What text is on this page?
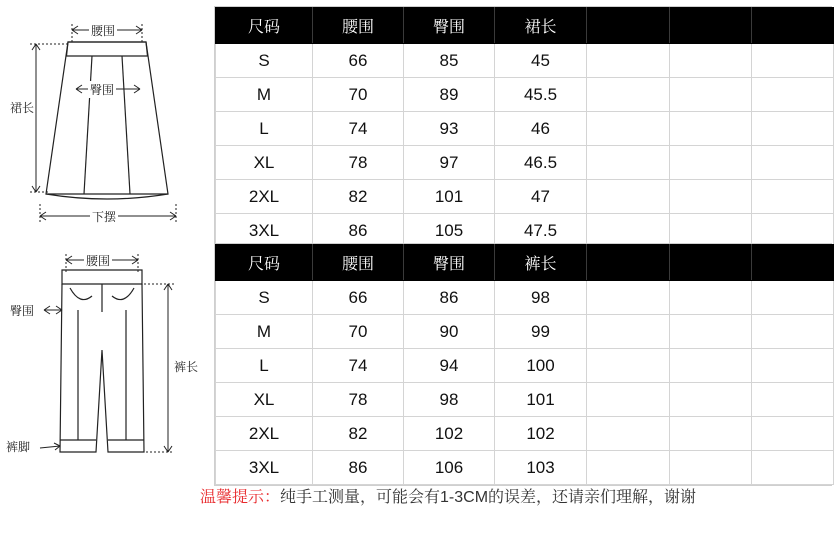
腰围
臀围
裙长
下摆
腰围
臀围
裤长
裤脚
尺码	腰围	臀围	裙长			
S	66	85	45			
M	70	89	45.5			
L	74	93	46			
XL	78	97	46.5			
2XL	82	101	47			
3XL	86	105	47.5			
尺码	腰围	臀围	裤长			
S	66	86	98			
M	70	90	99			
L	74	94	100			
XL	78	98	101			
2XL	82	102	102			
3XL	86	106	103			
温馨提示：纯手工测量，可能会有1-3CM的误差，还请亲们理解，谢谢
